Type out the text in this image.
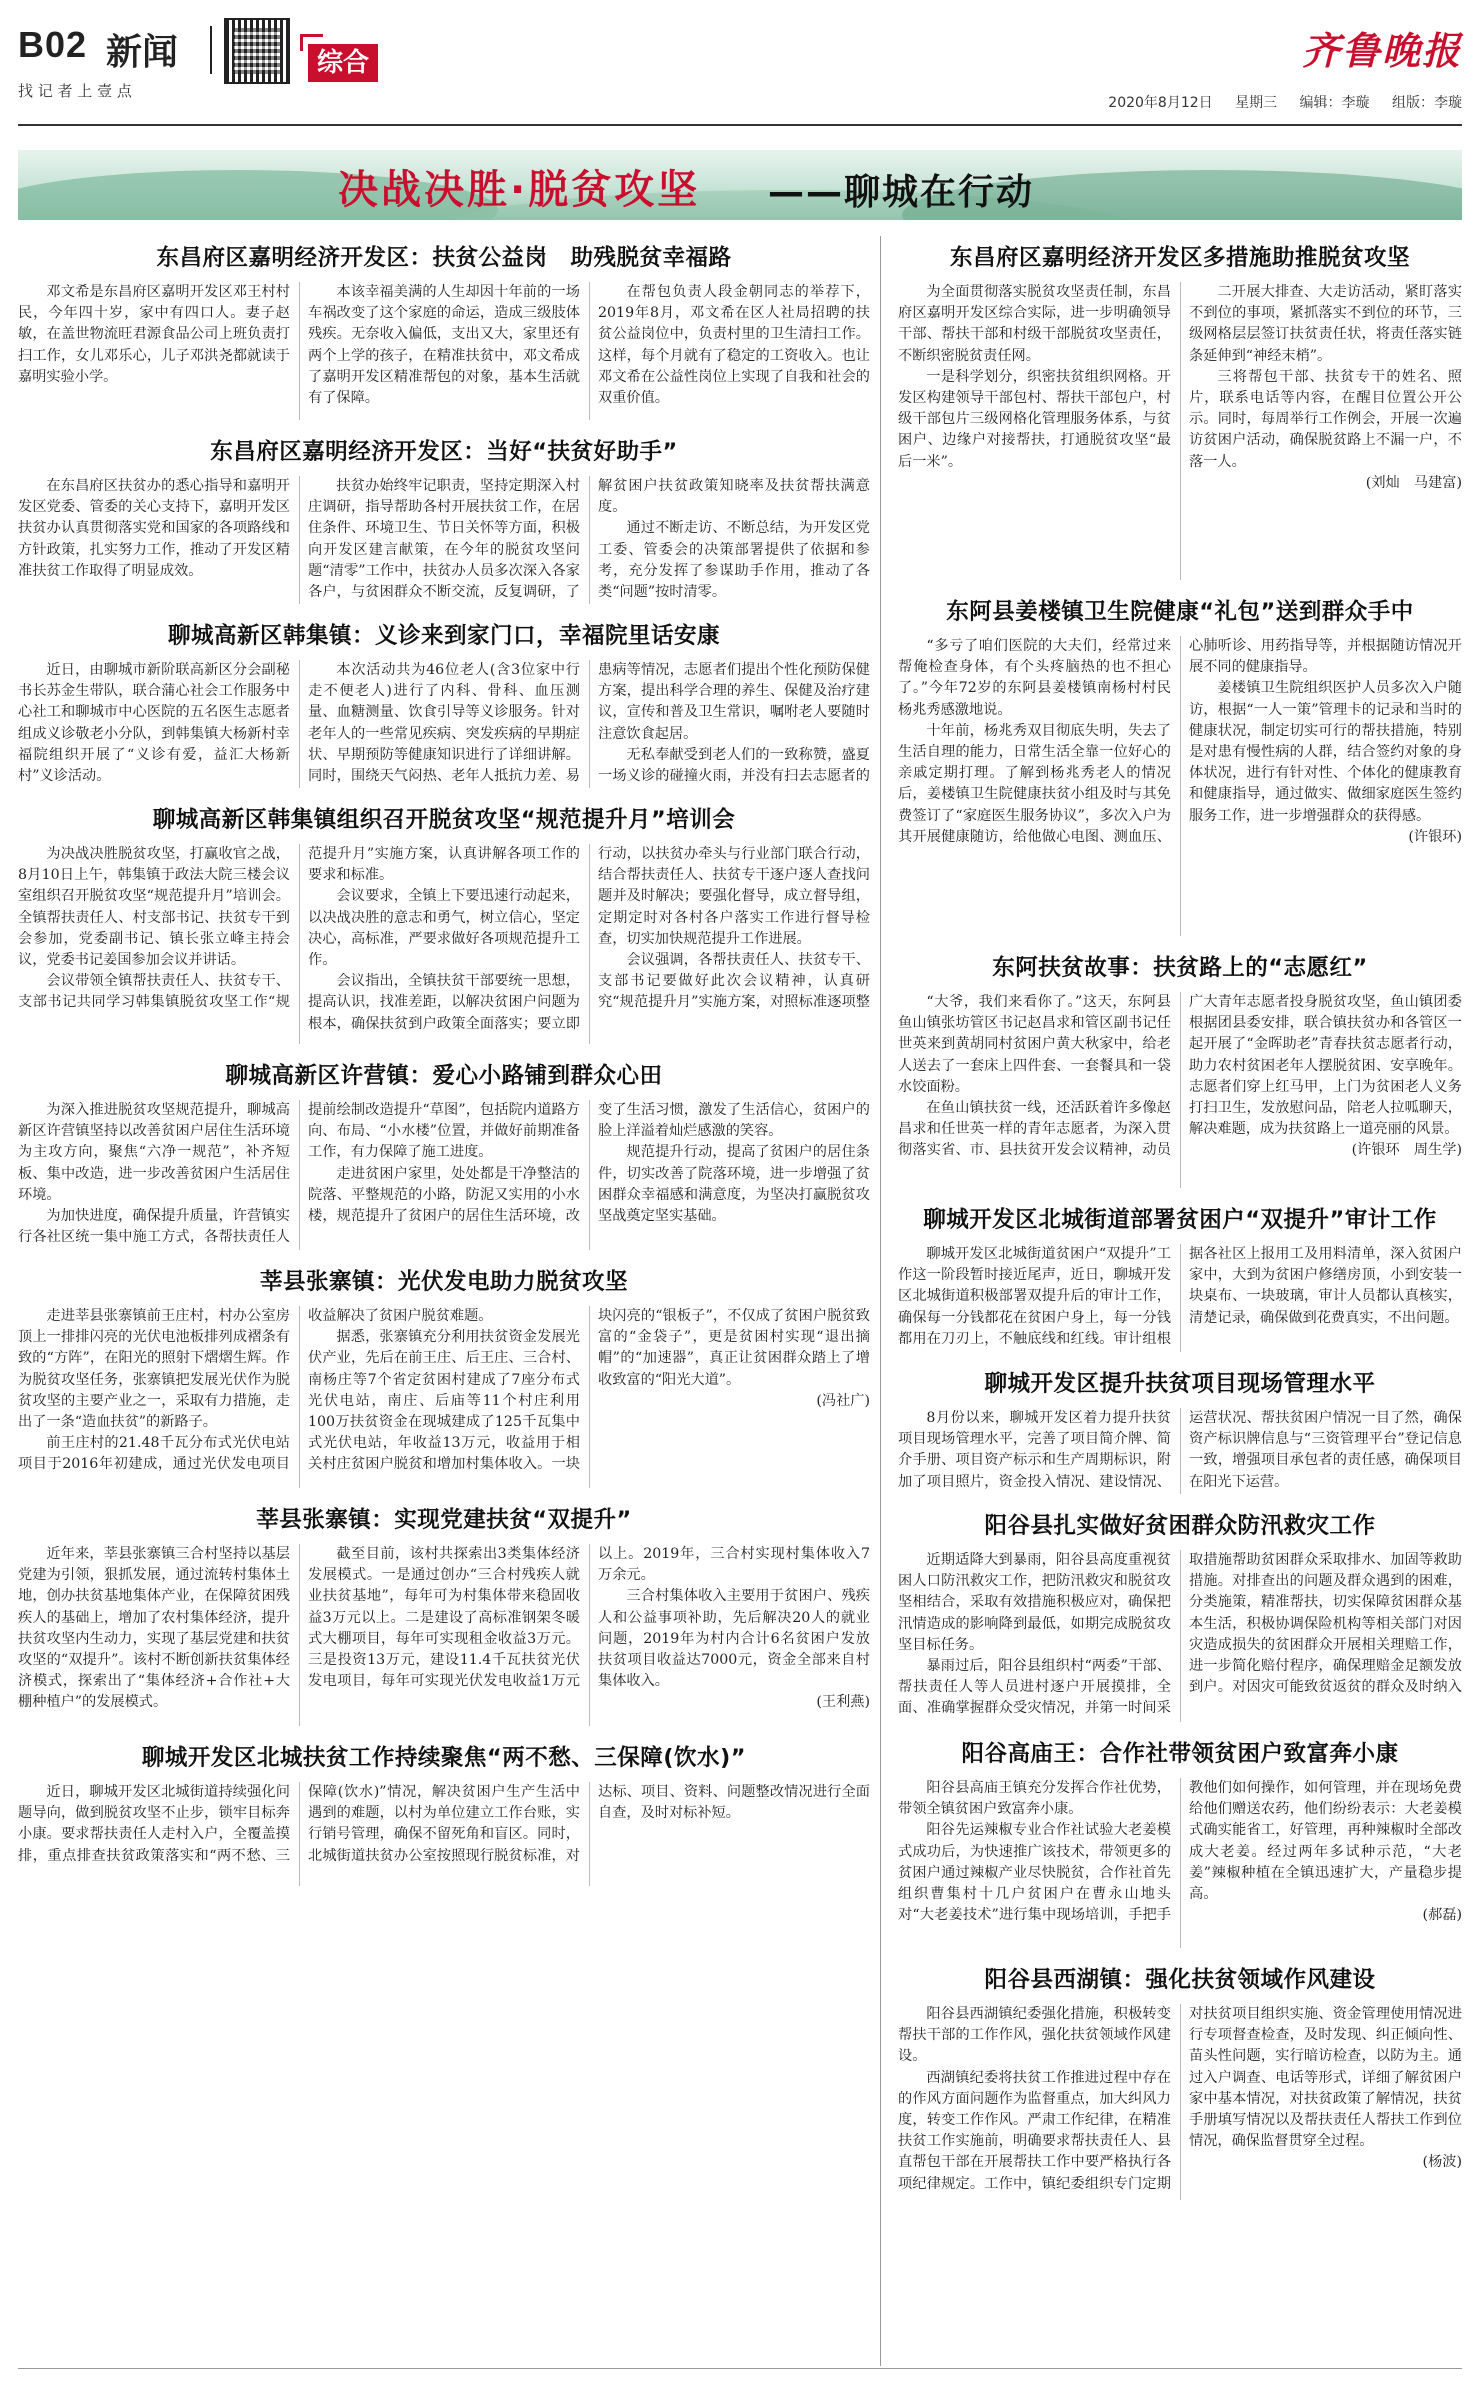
B02 新闻	综合
找 记 者 上 壹 点
齐鲁晚报
2020年8月12日 星期三 编辑：李璇 组版：李璇
决战决胜·脱贫攻坚 ——聊城在行动
东昌府区嘉明经济开发区：扶贫公益岗　助残脱贫幸福路

邓文希是东昌府区嘉明开发区邓王村村民，今年四十岁，家中有四口人。妻子赵敏，在盖世物流旺君源食品公司上班负责打扫工作，女儿邓乐心，儿子邓洪尧都就读于嘉明实验小学。

本该幸福美满的人生却因十年前的一场车祸改变了这个家庭的命运，造成三级肢体残疾。无奈收入偏低，支出又大，家里还有两个上学的孩子，在精准扶贫中，邓文希成了嘉明开发区精准帮包的对象，基本生活就有了保障。

在帮包负责人段金朝同志的举荐下，2019年8月，邓文希在区人社局招聘的扶贫公益岗位中，负责村里的卫生清扫工作。这样，每个月就有了稳定的工资收入。也让邓文希在公益性岗位上实现了自我和社会的双重价值。

东昌府区嘉明经济开发区：当好“扶贫好助手”

在东昌府区扶贫办的悉心指导和嘉明开发区党委、管委的关心支持下，嘉明开发区扶贫办认真贯彻落实党和国家的各项路线和方针政策，扎实努力工作，推动了开发区精准扶贫工作取得了明显成效。

扶贫办始终牢记职责，坚持定期深入村庄调研，指导帮助各村开展扶贫工作，在居住条件、环境卫生、节日关怀等方面，积极向开发区建言献策，在今年的脱贫攻坚问题“清零”工作中，扶贫办人员多次深入各家各户，与贫困群众不断交流，反复调研，了解贫困户扶贫政策知晓率及扶贫帮扶满意度。

通过不断走访、不断总结，为开发区党工委、管委会的决策部署提供了依据和参考，充分发挥了参谋助手作用，推动了各类“问题”按时清零。

聊城高新区韩集镇：义诊来到家门口，幸福院里话安康

近日，由聊城市新阶联高新区分会副秘书长苏金生带队，联合蒲心社会工作服务中心社工和聊城市中心医院的五名医生志愿者组成义诊敬老小分队，到韩集镇大杨新村幸福院组织开展了“义诊有爱，益汇大杨新村”义诊活动。

本次活动共为46位老人(含3位家中行走不便老人)进行了内科、骨科、血压测量、血糖测量、饮食引导等义诊服务。针对老年人的一些常见疾病、突发疾病的早期症状、早期预防等健康知识进行了详细讲解。同时，围绕天气闷热、老年人抵抗力差、易患病等情况，志愿者们提出个性化预防保健方案，提出科学合理的养生、保健及治疗建议，宣传和普及卫生常识，嘱咐老人要随时注意饮食起居。

无私奉献受到老人们的一致称赞，盛夏一场义诊的碰撞火雨，并没有扫去志愿者的

聊城高新区韩集镇组织召开脱贫攻坚“规范提升月”培训会

为决战决胜脱贫攻坚，打赢收官之战，8月10日上午，韩集镇于政法大院三楼会议室组织召开脱贫攻坚“规范提升月”培训会。全镇帮扶责任人、村支部书记、扶贫专干到会参加，党委副书记、镇长张立峰主持会议，党委书记姜国参加会议并讲话。

会议带领全镇帮扶责任人、扶贫专干、支部书记共同学习韩集镇脱贫攻坚工作“规范提升月”实施方案，认真讲解各项工作的要求和标准。

会议要求，全镇上下要迅速行动起来，以决战决胜的意志和勇气，树立信心，坚定决心，高标准，严要求做好各项规范提升工作。

会议指出，全镇扶贫干部要统一思想，提高认识，找准差距，以解决贫困户问题为根本，确保扶贫到户政策全面落实；要立即行动，以扶贫办牵头与行业部门联合行动，结合帮扶责任人、扶贫专干逐户逐人查找问题并及时解决；要强化督导，成立督导组，定期定时对各村各户落实工作进行督导检查，切实加快规范提升工作进展。

会议强调，各帮扶责任人、扶贫专干、支部书记要做好此次会议精神，认真研究“规范提升月”实施方案，对照标准逐项整

聊城高新区许营镇：爱心小路铺到群众心田

为深入推进脱贫攻坚规范提升，聊城高新区许营镇坚持以改善贫困户居住生活环境为主攻方向，聚焦“六净一规范”，补齐短板、集中改造，进一步改善贫困户生活居住环境。

为加快进度，确保提升质量，许营镇实行各社区统一集中施工方式，各帮扶责任人提前绘制改造提升“草图”，包括院内道路方向、布局、“小水楼”位置，并做好前期准备工作，有力保障了施工进度。

走进贫困户家里，处处都是干净整洁的院落、平整规范的小路，防泥又实用的小水楼，规范提升了贫困户的居住生活环境，改变了生活习惯，激发了生活信心，贫困户的脸上洋溢着灿烂感激的笑容。

规范提升行动，提高了贫困户的居住条件，切实改善了院落环境，进一步增强了贫困群众幸福感和满意度，为坚决打赢脱贫攻坚战奠定坚实基础。

莘县张寨镇：光伏发电助力脱贫攻坚

走进莘县张寨镇前王庄村，村办公室房顶上一排排闪亮的光伏电池板排列成褶条有致的“方阵”，在阳光的照射下熠熠生辉。作为脱贫攻坚任务，张寨镇把发展光伏作为脱贫攻坚的主要产业之一，采取有力措施，走出了一条“造血扶贫”的新路子。

前王庄村的21.48千瓦分布式光伏电站项目于2016年初建成，通过光伏发电项目收益解决了贫困户脱贫难题。

据悉，张寨镇充分利用扶贫资金发展光伏产业，先后在前王庄、后王庄、三合村、南杨庄等7个省定贫困村建成了7座分布式光伏电站，南庄、后庙等11个村庄利用100万扶贫资金在现城建成了125千瓦集中式光伏电站，年收益13万元，收益用于相关村庄贫困户脱贫和增加村集体收入。一块块闪亮的“银板子”，不仅成了贫困户脱贫致富的“金袋子”，更是贫困村实现“退出摘帽”的“加速器”，真正让贫困群众踏上了增收致富的“阳光大道”。

(冯社广)
莘县张寨镇：实现党建扶贫“双提升”

近年来，莘县张寨镇三合村坚持以基层党建为引领，狠抓发展，通过流转村集体土地，创办扶贫基地集体产业，在保障贫困残疾人的基础上，增加了农村集体经济，提升扶贫攻坚内生动力，实现了基层党建和扶贫攻坚的“双提升”。该村不断创新扶贫集体经济模式，探索出了“集体经济+合作社+大棚种植户”的发展模式。

截至目前，该村共探索出3类集体经济发展模式。一是通过创办“三合村残疾人就业扶贫基地”，每年可为村集体带来稳固收益3万元以上。二是建设了高标准钢架冬暖式大棚项目，每年可实现租金收益3万元。三是投资13万元，建设11.4千瓦扶贫光伏发电项目，每年可实现光伏发电收益1万元以上。2019年，三合村实现村集体收入7万余元。

三合村集体收入主要用于贫困户、残疾人和公益事项补助，先后解决20人的就业问题，2019年为村内合计6名贫困户发放扶贫项目收益达7000元，资金全部来自村集体收入。

(王利燕)
聊城开发区北城扶贫工作持续聚焦“两不愁、三保障(饮水)”

近日，聊城开发区北城街道持续强化问题导向，做到脱贫攻坚不止步，锁牢目标奔小康。要求帮扶责任人走村入户，全覆盖摸排，重点排查扶贫政策落实和“两不愁、三保障(饮水)”情况，解决贫困户生产生活中遇到的难题，以村为单位建立工作台账，实行销号管理，确保不留死角和盲区。同时，北城街道扶贫办公室按照现行脱贫标准，对达标、项目、资料、问题整改情况进行全面自查，及时对标补短。

东昌府区嘉明经济开发区多措施助推脱贫攻坚

为全面贯彻落实脱贫攻坚责任制，东昌府区嘉明开发区综合实际，进一步明确领导干部、帮扶干部和村级干部脱贫攻坚责任，不断织密脱贫责任网。

一是科学划分，织密扶贫组织网格。开发区构建领导干部包村、帮扶干部包户，村级干部包片三级网格化管理服务体系，与贫困户、边缘户对接帮扶，打通脱贫攻坚“最后一米”。

二开展大排查、大走访活动，紧盯落实不到位的事项，紧抓落实不到位的环节，三级网格层层签订扶贫责任状，将责任落实链条延伸到“神经末梢”。

三将帮包干部、扶贫专干的姓名、照片，联系电话等内容，在醒目位置公开公示。同时，每周举行工作例会，开展一次遍访贫困户活动，确保脱贫路上不漏一户，不落一人。

(刘灿　马建富)
东阿县姜楼镇卫生院健康“礼包”送到群众手中

“多亏了咱们医院的大夫们，经常过来帮俺检查身体，有个头疼脑热的也不担心了。”今年72岁的东阿县姜楼镇南杨村村民杨兆秀感激地说。

十年前，杨兆秀双目彻底失明，失去了生活自理的能力，日常生活全靠一位好心的亲戚定期打理。了解到杨兆秀老人的情况后，姜楼镇卫生院健康扶贫小组及时与其免费签订了“家庭医生服务协议”，多次入户为其开展健康随访，给他做心电图、测血压、心肺听诊、用药指导等，并根据随访情况开展不同的健康指导。

姜楼镇卫生院组织医护人员多次入户随访，根据“一人一策”管理卡的记录和当时的健康状况，制定切实可行的帮扶措施，特别是对患有慢性病的人群，结合签约对象的身体状况，进行有针对性、个体化的健康教育和健康指导，通过做实、做细家庭医生签约服务工作，进一步增强群众的获得感。

(许银环)
东阿扶贫故事：扶贫路上的“志愿红”

“大爷，我们来看你了。”这天，东阿县鱼山镇张坊管区书记赵昌求和管区副书记任世英来到黄胡同村贫困户黄大秋家中，给老人送去了一套床上四件套、一套餐具和一袋水饺面粉。

在鱼山镇扶贫一线，还活跃着许多像赵昌求和任世英一样的青年志愿者，为深入贯彻落实省、市、县扶贫开发会议精神，动员广大青年志愿者投身脱贫攻坚，鱼山镇团委根据团县委安排，联合镇扶贫办和各管区一起开展了“金晖助老”青春扶贫志愿者行动，助力农村贫困老年人摆脱贫困、安享晚年。志愿者们穿上红马甲，上门为贫困老人义务打扫卫生，发放慰问品，陪老人拉呱聊天，解决难题，成为扶贫路上一道亮丽的风景。

(许银环　周生学)
聊城开发区北城街道部署贫困户“双提升”审计工作

聊城开发区北城街道贫困户“双提升”工作这一阶段暂时接近尾声，近日，聊城开发区北城街道积极部署双提升后的审计工作，确保每一分钱都花在贫困户身上，每一分钱都用在刀刃上，不触底线和红线。审计组根据各社区上报用工及用料清单，深入贫困户家中，大到为贫困户修缮房顶，小到安装一块桌布、一块玻璃，审计人员都认真核实，清楚记录，确保做到花费真实，不出问题。

聊城开发区提升扶贫项目现场管理水平

8月份以来，聊城开发区着力提升扶贫项目现场管理水平，完善了项目简介牌、简介手册、项目资产标示和生产周期标识，附加了项目照片，资金投入情况、建设情况、运营状况、帮扶贫困户情况一目了然，确保资产标识牌信息与“三资管理平台”登记信息一致，增强项目承包者的责任感，确保项目在阳光下运营。

阳谷县扎实做好贫困群众防汛救灾工作

近期适降大到暴雨，阳谷县高度重视贫困人口防汛救灾工作，把防汛救灾和脱贫攻坚相结合，采取有效措施积极应对，确保把汛情造成的影响降到最低，如期完成脱贫攻坚目标任务。

暴雨过后，阳谷县组织村“两委”干部、帮扶责任人等人员进村逐户开展摸排，全面、准确掌握群众受灾情况，并第一时间采取措施帮助贫困群众采取排水、加固等救助措施。对排查出的问题及群众遇到的困难，分类施策，精准帮扶，切实保障贫困群众基本生活，积极协调保险机构等相关部门对因灾造成损失的贫困群众开展相关理赔工作，进一步简化赔付程序，确保理赔金足额发放到户。对因灾可能致贫返贫的群众及时纳入

阳谷高庙王：合作社带领贫困户致富奔小康

阳谷县高庙王镇充分发挥合作社优势，带领全镇贫困户致富奔小康。

阳谷先运辣椒专业合作社试验大老姜模式成功后，为快速推广该技术，带领更多的贫困户通过辣椒产业尽快脱贫，合作社首先组织曹集村十几户贫困户在曹永山地头对“大老姜技术”进行集中现场培训，手把手教他们如何操作，如何管理，并在现场免费给他们赠送农药，他们纷纷表示：大老姜模式确实能省工，好管理，再种辣椒时全部改成大老姜。经过两年多试种示范，“大老姜”辣椒种植在全镇迅速扩大，产量稳步提高。

(郝磊)
阳谷县西湖镇：强化扶贫领域作风建设

阳谷县西湖镇纪委强化措施，积极转变帮扶干部的工作作风，强化扶贫领域作风建设。

西湖镇纪委将扶贫工作推进过程中存在的作风方面问题作为监督重点，加大纠风力度，转变工作作风。严肃工作纪律，在精准扶贫工作实施前，明确要求帮扶责任人、县直帮包干部在开展帮扶工作中要严格执行各项纪律规定。工作中，镇纪委组织专门定期对扶贫项目组织实施、资金管理使用情况进行专项督查检查，及时发现、纠正倾向性、苗头性问题，实行暗访检查，以防为主。通过入户调查、电话等形式，详细了解贫困户家中基本情况，对扶贫政策了解情况，扶贫手册填写情况以及帮扶责任人帮扶工作到位情况，确保监督贯穿全过程。

(杨波)
